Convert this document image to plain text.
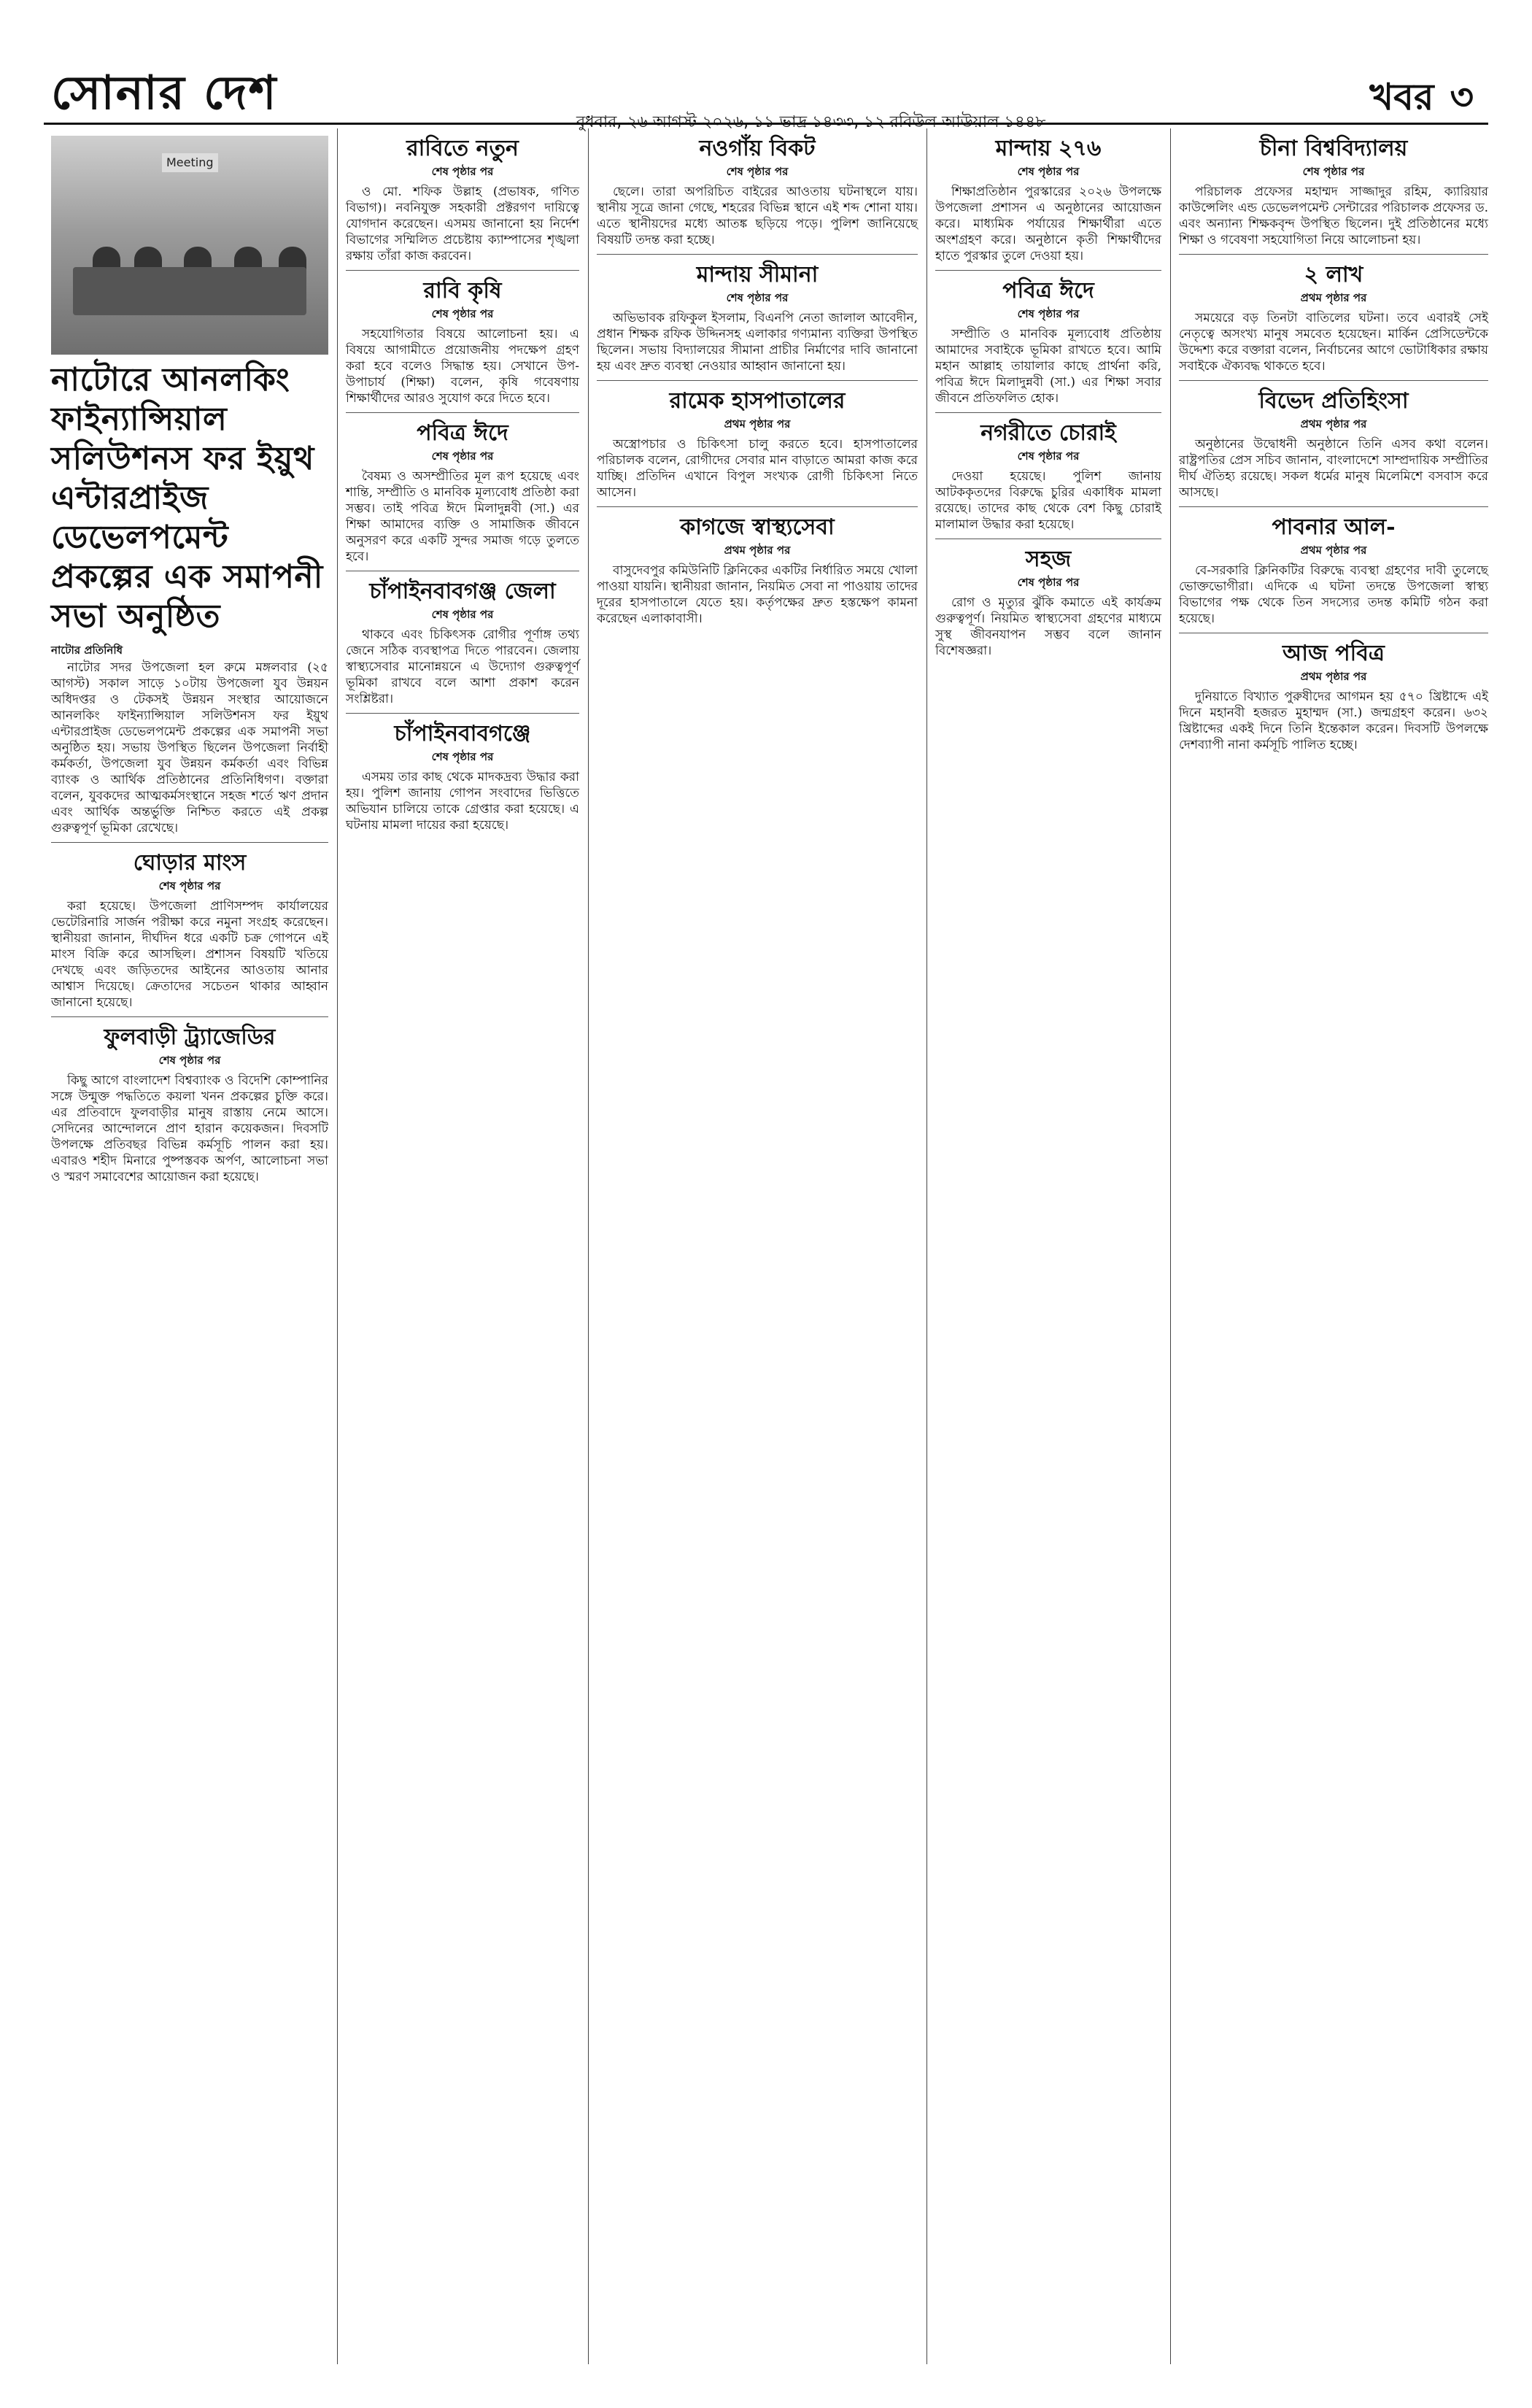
সোনার দেশ	খবর ৩
Meeting
নাটোরে আনলকিং ফাইন্যান্সিয়াল সলিউশনস ফর ইয়ুথ এন্টারপ্রাইজ ডেভেলপমেন্ট প্রকল্পের এক সমাপনী সভা অনুষ্ঠিত

নাটোর প্রতিনিধি

নাটোর সদর উপজেলা হল রুমে মঙ্গলবার (২৫ আগস্ট) সকাল সাড়ে ১০টায় উপজেলা যুব উন্নয়ন অধিদপ্তর ও টেকসই উন্নয়ন সংস্থার আয়োজনে আনলকিং ফাইন্যান্সিয়াল সলিউশনস ফর ইয়ুথ এন্টারপ্রাইজ ডেভেলপমেন্ট প্রকল্পের এক সমাপনী সভা অনুষ্ঠিত হয়। সভায় উপস্থিত ছিলেন উপজেলা নির্বাহী কর্মকর্তা, উপজেলা যুব উন্নয়ন কর্মকর্তা এবং বিভিন্ন ব্যাংক ও আর্থিক প্রতিষ্ঠানের প্রতিনিধিগণ। বক্তারা বলেন, যুবকদের আত্মকর্মসংস্থানে সহজ শর্তে ঋণ প্রদান এবং আর্থিক অন্তর্ভুক্তি নিশ্চিত করতে এই প্রকল্প গুরুত্বপূর্ণ ভূমিকা রেখেছে।

ঘোড়ার মাংস
শেষ পৃষ্ঠার পর

করা হয়েছে। উপজেলা প্রাণিসম্পদ কার্যালয়ের ভেটেরিনারি সার্জন পরীক্ষা করে নমুনা সংগ্রহ করেছেন। স্থানীয়রা জানান, দীর্ঘদিন ধরে একটি চক্র গোপনে এই মাংস বিক্রি করে আসছিল। প্রশাসন বিষয়টি খতিয়ে দেখছে এবং জড়িতদের আইনের আওতায় আনার আশ্বাস দিয়েছে। ক্রেতাদের সচেতন থাকার আহ্বান জানানো হয়েছে।

ফুলবাড়ী ট্র্যাজেডির
শেষ পৃষ্ঠার পর

কিছু আগে বাংলাদেশ বিশ্বব্যাংক ও বিদেশি কোম্পানির সঙ্গে উন্মুক্ত পদ্ধতিতে কয়লা খনন প্রকল্পের চুক্তি করে। এর প্রতিবাদে ফুলবাড়ীর মানুষ রাস্তায় নেমে আসে। সেদিনের আন্দোলনে প্রাণ হারান কয়েকজন। দিবসটি উপলক্ষে প্রতিবছর বিভিন্ন কর্মসূচি পালন করা হয়। এবারও শহীদ মিনারে পুষ্পস্তবক অর্পণ, আলোচনা সভা ও স্মরণ সমাবেশের আয়োজন করা হয়েছে।

রাবিতে নতুন
শেষ পৃষ্ঠার পর

ও মো. শফিক উল্লাহ (প্রভাষক, গণিত বিভাগ)। নবনিযুক্ত সহকারী প্রক্টরগণ দায়িত্বে যোগদান করেছেন। এসময় জানানো হয় নির্দেশ বিভাগের সম্মিলিত প্রচেষ্টায় ক্যাম্পাসের শৃঙ্খলা রক্ষায় তাঁরা কাজ করবেন।

রাবি কৃষি
শেষ পৃষ্ঠার পর

সহযোগিতার বিষয়ে আলোচনা হয়। এ বিষয়ে আগামীতে প্রয়োজনীয় পদক্ষেপ গ্রহণ করা হবে বলেও সিদ্ধান্ত হয়। সেখানে উপ-উপাচার্য (শিক্ষা) বলেন, কৃষি গবেষণায় শিক্ষার্থীদের আরও সুযোগ করে দিতে হবে।

পবিত্র ঈদে
শেষ পৃষ্ঠার পর

বৈষম্য ও অসম্প্রীতির মূল রূপ হয়েছে এবং শান্তি, সম্প্রীতি ও মানবিক মূল্যবোধ প্রতিষ্ঠা করা সম্ভব। তাই পবিত্র ঈদে মিলাদুন্নবী (সা.) এর শিক্ষা আমাদের ব্যক্তি ও সামাজিক জীবনে অনুসরণ করে একটি সুন্দর সমাজ গড়ে তুলতে হবে।

চাঁপাইনবাবগঞ্জ জেলা
শেষ পৃষ্ঠার পর

থাকবে এবং চিকিৎসক রোগীর পূর্ণাঙ্গ তথ্য জেনে সঠিক ব্যবস্থাপত্র দিতে পারবেন। জেলায় স্বাস্থ্যসেবার মানোন্নয়নে এ উদ্যোগ গুরুত্বপূর্ণ ভূমিকা রাখবে বলে আশা প্রকাশ করেন সংশ্লিষ্টরা।

চাঁপাইনবাবগঞ্জে
শেষ পৃষ্ঠার পর

এসময় তার কাছ থেকে মাদকদ্রব্য উদ্ধার করা হয়। পুলিশ জানায় গোপন সংবাদের ভিত্তিতে অভিযান চালিয়ে তাকে গ্রেপ্তার করা হয়েছে। এ ঘটনায় মামলা দায়ের করা হয়েছে।

নওগাঁয় বিকট
শেষ পৃষ্ঠার পর

ছেলে। তারা অপরিচিত বাইরের আওতায় ঘটনাস্থলে যায়। স্থানীয় সূত্রে জানা গেছে, শহরের বিভিন্ন স্থানে এই শব্দ শোনা যায়। এতে স্থানীয়দের মধ্যে আতঙ্ক ছড়িয়ে পড়ে। পুলিশ জানিয়েছে বিষয়টি তদন্ত করা হচ্ছে।

মান্দায় সীমানা
শেষ পৃষ্ঠার পর

অভিভাবক রফিকুল ইসলাম, বিএনপি নেতা জালাল আবেদীন, প্রধান শিক্ষক রফিক উদ্দিনসহ এলাকার গণ্যমান্য ব্যক্তিরা উপস্থিত ছিলেন। সভায় বিদ্যালয়ের সীমানা প্রাচীর নির্মাণের দাবি জানানো হয় এবং দ্রুত ব্যবস্থা নেওয়ার আহ্বান জানানো হয়।

রামেক হাসপাতালের
প্রথম পৃষ্ঠার পর

অস্ত্রোপচার ও চিকিৎসা চালু করতে হবে। হাসপাতালের পরিচালক বলেন, রোগীদের সেবার মান বাড়াতে আমরা কাজ করে যাচ্ছি। প্রতিদিন এখানে বিপুল সংখ্যক রোগী চিকিৎসা নিতে আসেন।

কাগজে স্বাস্থ্যসেবা
প্রথম পৃষ্ঠার পর

বাসুদেবপুর কমিউনিটি ক্লিনিকের একটির নির্ধারিত সময়ে খোলা পাওয়া যায়নি। স্থানীয়রা জানান, নিয়মিত সেবা না পাওয়ায় তাদের দূরের হাসপাতালে যেতে হয়। কর্তৃপক্ষের দ্রুত হস্তক্ষেপ কামনা করেছেন এলাকাবাসী।

মান্দায় ২৭৬
শেষ পৃষ্ঠার পর

শিক্ষাপ্রতিষ্ঠান পুরস্কারের ২০২৬ উপলক্ষে উপজেলা প্রশাসন এ অনুষ্ঠানের আয়োজন করে। মাধ্যমিক পর্যায়ের শিক্ষার্থীরা এতে অংশগ্রহণ করে। অনুষ্ঠানে কৃতী শিক্ষার্থীদের হাতে পুরস্কার তুলে দেওয়া হয়।

পবিত্র ঈদে
শেষ পৃষ্ঠার পর

সম্প্রীতি ও মানবিক মূল্যবোধ প্রতিষ্ঠায় আমাদের সবাইকে ভূমিকা রাখতে হবে। আমি মহান আল্লাহ তায়ালার কাছে প্রার্থনা করি, পবিত্র ঈদে মিলাদুন্নবী (সা.) এর শিক্ষা সবার জীবনে প্রতিফলিত হোক।

নগরীতে চোরাই
শেষ পৃষ্ঠার পর

দেওয়া হয়েছে। পুলিশ জানায় আটককৃতদের বিরুদ্ধে চুরির একাধিক মামলা রয়েছে। তাদের কাছ থেকে বেশ কিছু চোরাই মালামাল উদ্ধার করা হয়েছে।

সহজ
শেষ পৃষ্ঠার পর

রোগ ও মৃত্যুর ঝুঁকি কমাতে এই কার্যক্রম গুরুত্বপূর্ণ। নিয়মিত স্বাস্থ্যসেবা গ্রহণের মাধ্যমে সুস্থ জীবনযাপন সম্ভব বলে জানান বিশেষজ্ঞরা।

চীনা বিশ্ববিদ্যালয়
শেষ পৃষ্ঠার পর

পরিচালক প্রফেসর মহাম্মদ সাজ্জাদুর রহিম, ক্যারিয়ার কাউন্সেলিং এন্ড ডেভেলপমেন্ট সেন্টারের পরিচালক প্রফেসর ড. এবং অন্যান্য শিক্ষকবৃন্দ উপস্থিত ছিলেন। দুই প্রতিষ্ঠানের মধ্যে শিক্ষা ও গবেষণা সহযোগিতা নিয়ে আলোচনা হয়।

২ লাখ
প্রথম পৃষ্ঠার পর

সময়েরে বড় তিনটা বাতিলের ঘটনা। তবে এবারই সেই নেতৃত্বে অসংখ্য মানুষ সমবেত হয়েছেন। মার্কিন প্রেসিডেন্টকে উদ্দেশ্য করে বক্তারা বলেন, নির্বাচনের আগে ভোটাধিকার রক্ষায় সবাইকে ঐক্যবদ্ধ থাকতে হবে।

বিভেদ প্রতিহিংসা
প্রথম পৃষ্ঠার পর

অনুষ্ঠানের উদ্বোধনী অনুষ্ঠানে তিনি এসব কথা বলেন। রাষ্ট্রপতির প্রেস সচিব জানান, বাংলাদেশে সাম্প্রদায়িক সম্প্রীতির দীর্ঘ ঐতিহ্য রয়েছে। সকল ধর্মের মানুষ মিলেমিশে বসবাস করে আসছে।

পাবনার আল-
প্রথম পৃষ্ঠার পর

বে-সরকারি ক্লিনিকটির বিরুদ্ধে ব্যবস্থা গ্রহণের দাবী তুলেছে ভোক্তভোগীরা। এদিকে এ ঘটনা তদন্তে উপজেলা স্বাস্থ্য বিভাগের পক্ষ থেকে তিন সদস্যের তদন্ত কমিটি গঠন করা হয়েছে।

আজ পবিত্র
প্রথম পৃষ্ঠার পর

দুনিয়াতে বিখ্যাত পুরুষীদের আগমন হয় ৫৭০ খ্রিষ্টাব্দে এই দিনে মহানবী হজরত মুহাম্মদ (সা.) জন্মগ্রহণ করেন। ৬৩২ খ্রিষ্টাব্দের একই দিনে তিনি ইন্তেকাল করেন। দিবসটি উপলক্ষে দেশব্যাপী নানা কর্মসূচি পালিত হচ্ছে।
